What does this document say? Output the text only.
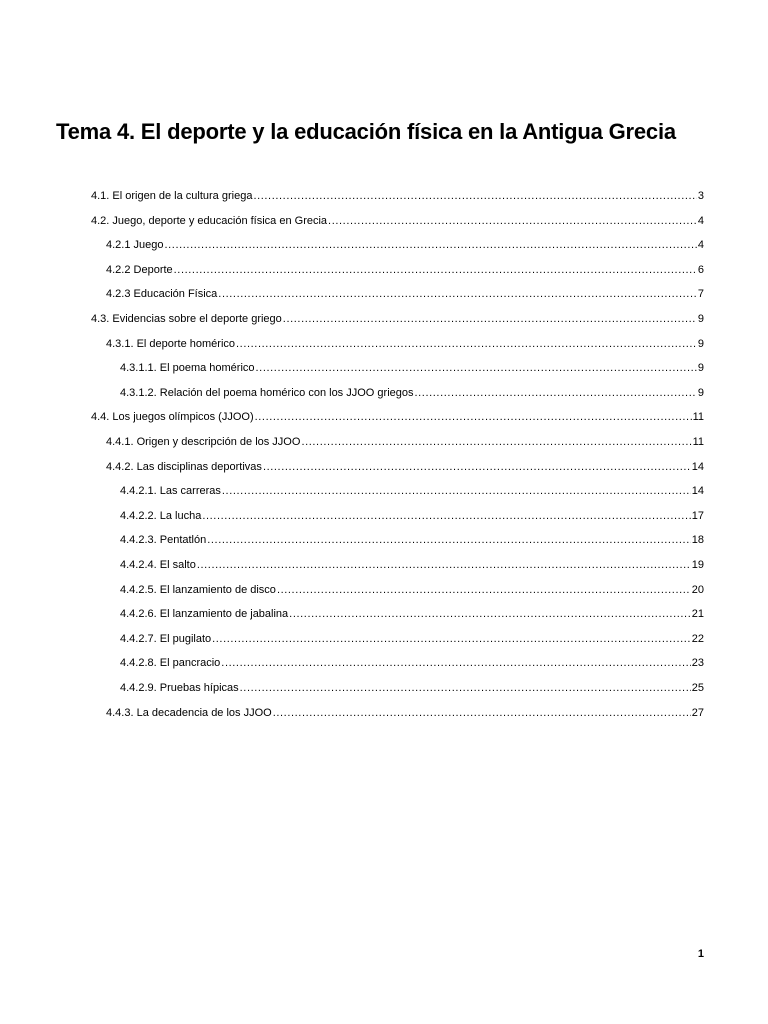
Tema 4. El deporte y la educación física en la Antigua Grecia
4.1. El origen de la cultura griega .....	3
4.2. Juego, deporte y educación física en Grecia .....	4
4.2.1 Juego .....	4
4.2.2 Deporte .....	6
4.2.3 Educación Física .....	7
4.3. Evidencias sobre el deporte griego .....	9
4.3.1. El deporte homérico .....	9
4.3.1.1. El poema homérico .....	9
4.3.1.2. Relación del poema homérico con los JJOO griegos .....	9
4.4. Los juegos olímpicos (JJOO) .....	11
4.4.1. Origen y descripción de los JJOO .....	11
4.4.2. Las disciplinas deportivas .....	14
4.4.2.1. Las carreras .....	14
4.4.2.2. La lucha .....	17
4.4.2.3. Pentatlón .....	18
4.4.2.4. El salto .....	19
4.4.2.5. El lanzamiento de disco .....	20
4.4.2.6. El lanzamiento de jabalina .....	21
4.4.2.7. El pugilato .....	22
4.4.2.8. El pancracio .....	23
4.4.2.9. Pruebas hípicas .....	25
4.4.3. La decadencia de los JJOO .....	27
1
